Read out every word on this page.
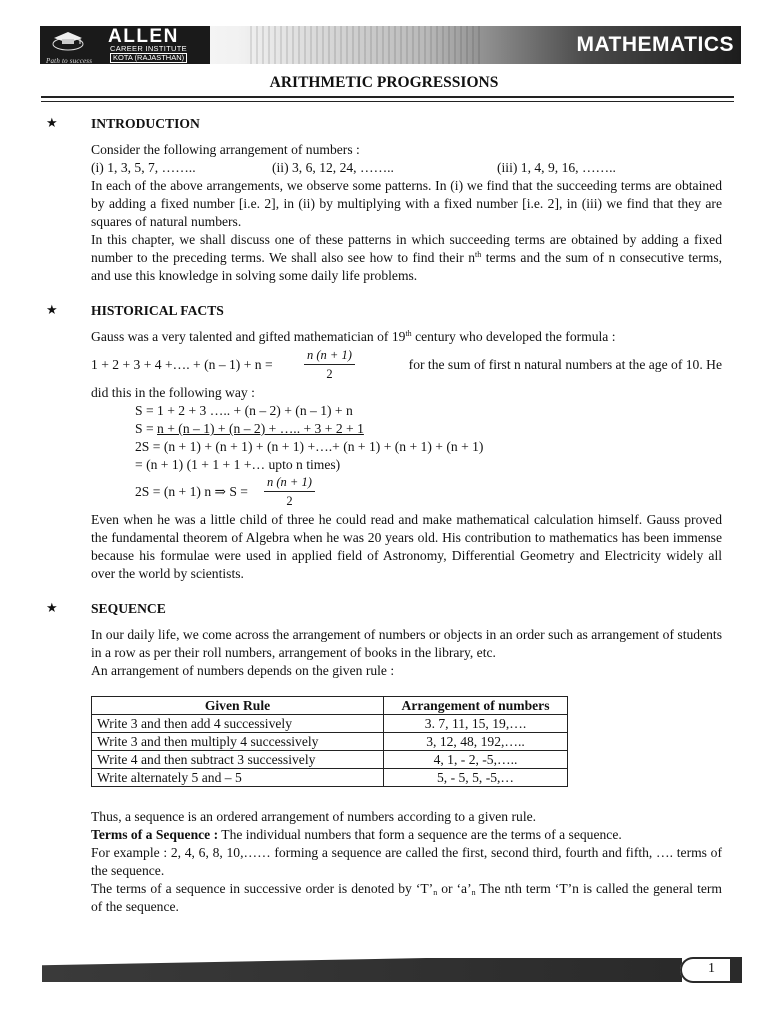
Path to success
ALLEN
CAREER INSTITUTE
KOTA (RAJASTHAN)
MATHEMATICS
ARITHMETIC PROGRESSIONS
★ INTRODUCTION
Consider the following arrangement of numbers :
(i) 1, 3, 5, 7, ……..	(ii) 3, 6, 12, 24, ……..	(iii) 1, 4, 9, 16, ……..
In each of the above arrangements, we observe some patterns. In (i) we find that the succeeding terms are obtained by adding a fixed number [i.e. 2], in (ii) by multiplying with a fixed number [i.e. 2], in (iii) we find that they are squares of natural numbers.
In this chapter, we shall discuss one of these patterns in which succeeding terms are obtained by adding a fixed number to the preceding terms. We shall also see how to find their $n^{th}$ terms and the sum of n consecutive terms, and use this knowledge in solving some daily life problems.
★ HISTORICAL FACTS
Gauss was a very talented and gifted mathematician of 19th century who developed the formula :
1 + 2 + 3 + 4 +…. + (n – 1) + n =	$\frac{n (n + 1)}{2}$	for the sum of first n natural numbers at the age of 10. He
did this in the following way :
S = 1 + 2 + 3 ….. + (n – 2) + (n – 1) + n
S = n + (n – 1) + (n – 2) + ….. + 3 + 2 + 1
2S = (n + 1) + (n + 1) + (n + 1) +….+ (n + 1) + (n + 1) + (n + 1)
= (n + 1) (1 + 1 + 1 +… upto n times)
2S = (n + 1) n ⇒ $S = \frac{n (n + 1)}{2}$
Even when he was a little child of three he could read and make mathematical calculation himself. Gauss proved the fundamental theorem of Algebra when he was 20 years old. His contribution to mathematics has been immense because his formulae were used in applied field of Astronomy, Differential Geometry and Electricity widely all over the world by scientists.
★ SEQUENCE
In our daily life, we come across the arrangement of numbers or objects in an order such as arrangement of students in a row as per their roll numbers, arrangement of books in the library, etc.
An arrangement of numbers depends on the given rule :
Given Rule	Arrangement of numbers
Write 3 and then add 4 successively	3. 7, 11, 15, 19,….
Write 3 and then multiply 4 successively	3, 12, 48, 192,…..
Write 4 and then subtract 3 successively	4, 1, - 2, -5,…..
Write alternately 5 and – 5	5, - 5, 5, -5,…
Thus, a sequence is an ordered arrangement of numbers according to a given rule.
Terms of a Sequence : The individual numbers that form a sequence are the terms of a sequence.
For example : 2, 4, 6, 8, 10,…… forming a sequence are called the first, second third, fourth and fifth, …. terms of the sequence.
The terms of a sequence in successive order is denoted by ‘$T’_n$ or ‘$a’_n$ The nth term ‘T’n is called the general term of the sequence.
1
